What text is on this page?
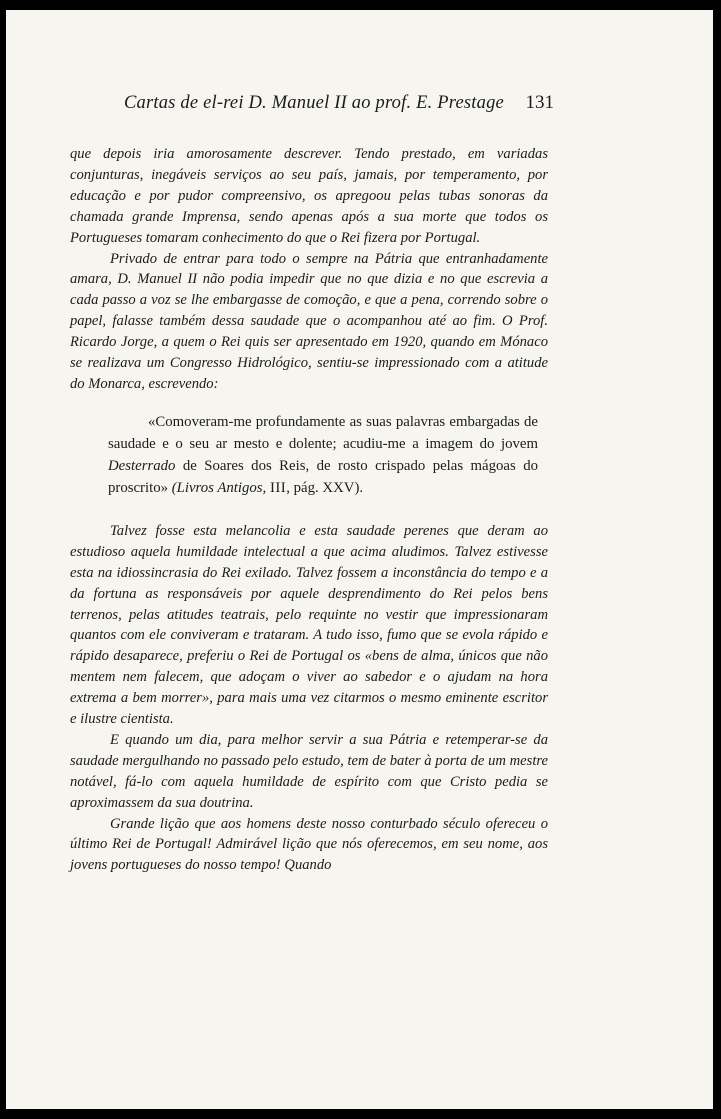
Cartas de el-rei D. Manuel II ao prof. E. Prestage 131

que depois iria amorosamente descrever. Tendo prestado, em variadas conjunturas, inegáveis serviços ao seu país, jamais, por temperamento, por educação e por pudor compreensivo, os apregoou pelas tubas sonoras da chamada grande Imprensa, sendo apenas após a sua morte que todos os Portugueses tomaram conhecimento do que o Rei fizera por Portugal.

Privado de entrar para todo o sempre na Pátria que entranhadamente amara, D. Manuel II não podia impedir que no que dizia e no que escrevia a cada passo a voz se lhe embargasse de comoção, e que a pena, correndo sobre o papel, falasse também dessa saudade que o acompanhou até ao fim. O Prof. Ricardo Jorge, a quem o Rei quis ser apresentado em 1920, quando em Mónaco se realizava um Congresso Hidrológico, sentiu-se impressionado com a atitude do Monarca, escrevendo:

«Comoveram-me profundamente as suas palavras embargadas de saudade e o seu ar mesto e dolente; acudiu-me a imagem do jovem Desterrado de Soares dos Reis, de rosto crispado pelas mágoas do proscrito» (Livros Antigos, III, pág. XXV).

Talvez fosse esta melancolia e esta saudade perenes que deram ao estudioso aquela humildade intelectual a que acima aludimos. Talvez estivesse esta na idiossincrasia do Rei exilado. Talvez fossem a inconstância do tempo e a da fortuna as responsáveis por aquele desprendimento do Rei pelos bens terrenos, pelas atitudes teatrais, pelo requinte no vestir que impressionaram quantos com ele conviveram e trataram. A tudo isso, fumo que se evola rápido e rápido desaparece, preferiu o Rei de Portugal os «bens de alma, únicos que não mentem nem falecem, que adoçam o viver ao sabedor e o ajudam na hora extrema a bem morrer», para mais uma vez citarmos o mesmo eminente escritor e ilustre cientista.

E quando um dia, para melhor servir a sua Pátria e retemperar-se da saudade mergulhando no passado pelo estudo, tem de bater à porta de um mestre notável, fá-lo com aquela humildade de espírito com que Cristo pedia se aproximassem da sua doutrina.

Grande lição que aos homens deste nosso conturbado século ofereceu o último Rei de Portugal! Admirável lição que nós oferecemos, em seu nome, aos jovens portugueses do nosso tempo! Quando
